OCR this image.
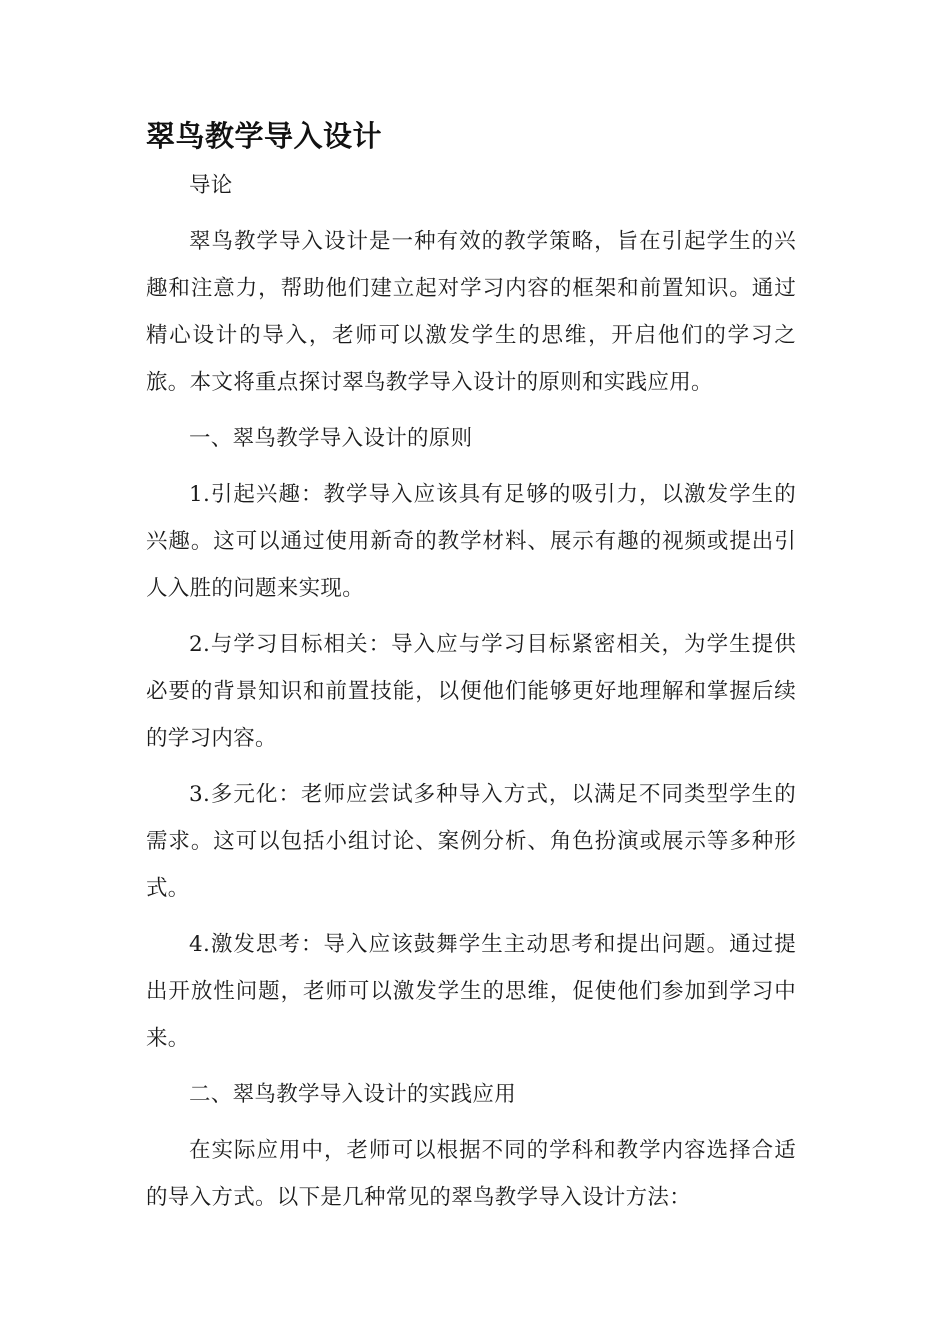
翠鸟教学导入设计

导论

翠鸟教学导入设计是一种有效的教学策略，旨在引起学生的兴趣和注意力，帮助他们建立起对学习内容的框架和前置知识。通过精心设计的导入，老师可以激发学生的思维，开启他们的学习之旅。本文将重点探讨翠鸟教学导入设计的原则和实践应用。

一、翠鸟教学导入设计的原则

1.引起兴趣：教学导入应该具有足够的吸引力，以激发学生的兴趣。这可以通过使用新奇的教学材料、展示有趣的视频或提出引人入胜的问题来实现。

2.与学习目标相关：导入应与学习目标紧密相关，为学生提供必要的背景知识和前置技能，以便他们能够更好地理解和掌握后续的学习内容。

3.多元化：老师应尝试多种导入方式，以满足不同类型学生的需求。这可以包括小组讨论、案例分析、角色扮演或展示等多种形式。

4.激发思考：导入应该鼓舞学生主动思考和提出问题。通过提出开放性问题，老师可以激发学生的思维，促使他们参加到学习中来。

二、翠鸟教学导入设计的实践应用

在实际应用中，老师可以根据不同的学科和教学内容选择合适的导入方式。以下是几种常见的翠鸟教学导入设计方法：
